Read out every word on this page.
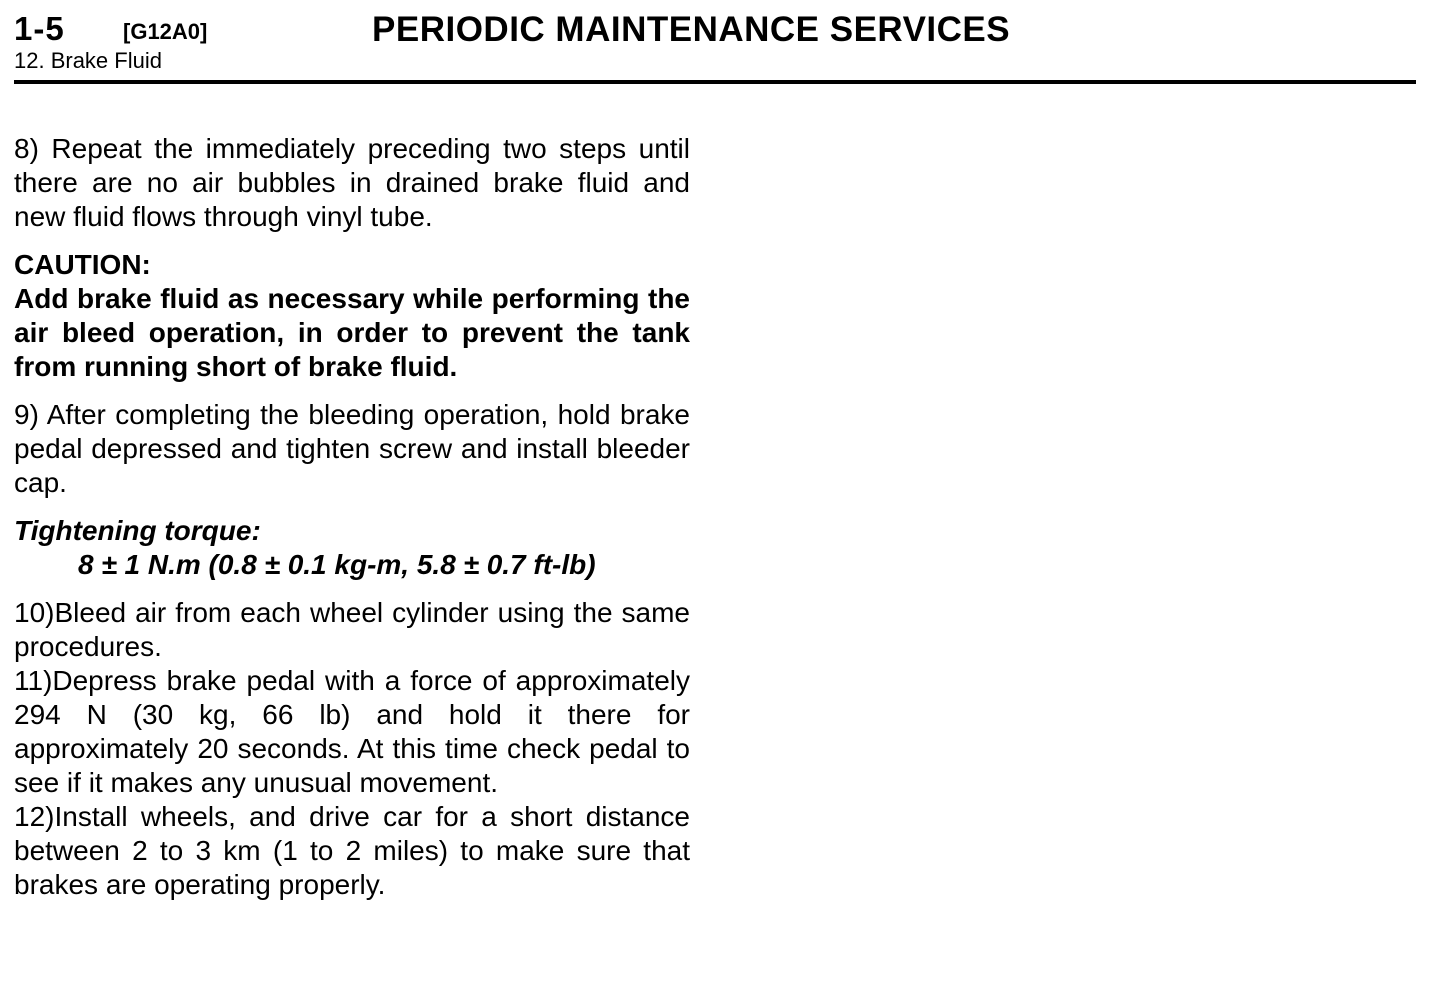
1-5	[G12A0]	PERIODIC MAINTENANCE SERVICES
12. Brake Fluid

8) Repeat the immediately preceding two steps until there are no air bubbles in drained brake fluid and new fluid flows through vinyl tube.

CAUTION:

Add brake fluid as necessary while performing the air bleed operation, in order to prevent the tank from running short of brake fluid.

9) After completing the bleeding operation, hold brake pedal depressed and tighten screw and install bleeder cap.

Tightening torque:

8 ± 1 N.m (0.8 ± 0.1 kg-m, 5.8 ± 0.7 ft-lb)

10)Bleed air from each wheel cylinder using the same procedures.

11)Depress brake pedal with a force of approximately 294 N (30 kg, 66 lb) and hold it there for approximately 20 seconds. At this time check pedal to see if it makes any unusual movement.

12)Install wheels, and drive car for a short distance between 2 to 3 km (1 to 2 miles) to make sure that brakes are operating properly.
